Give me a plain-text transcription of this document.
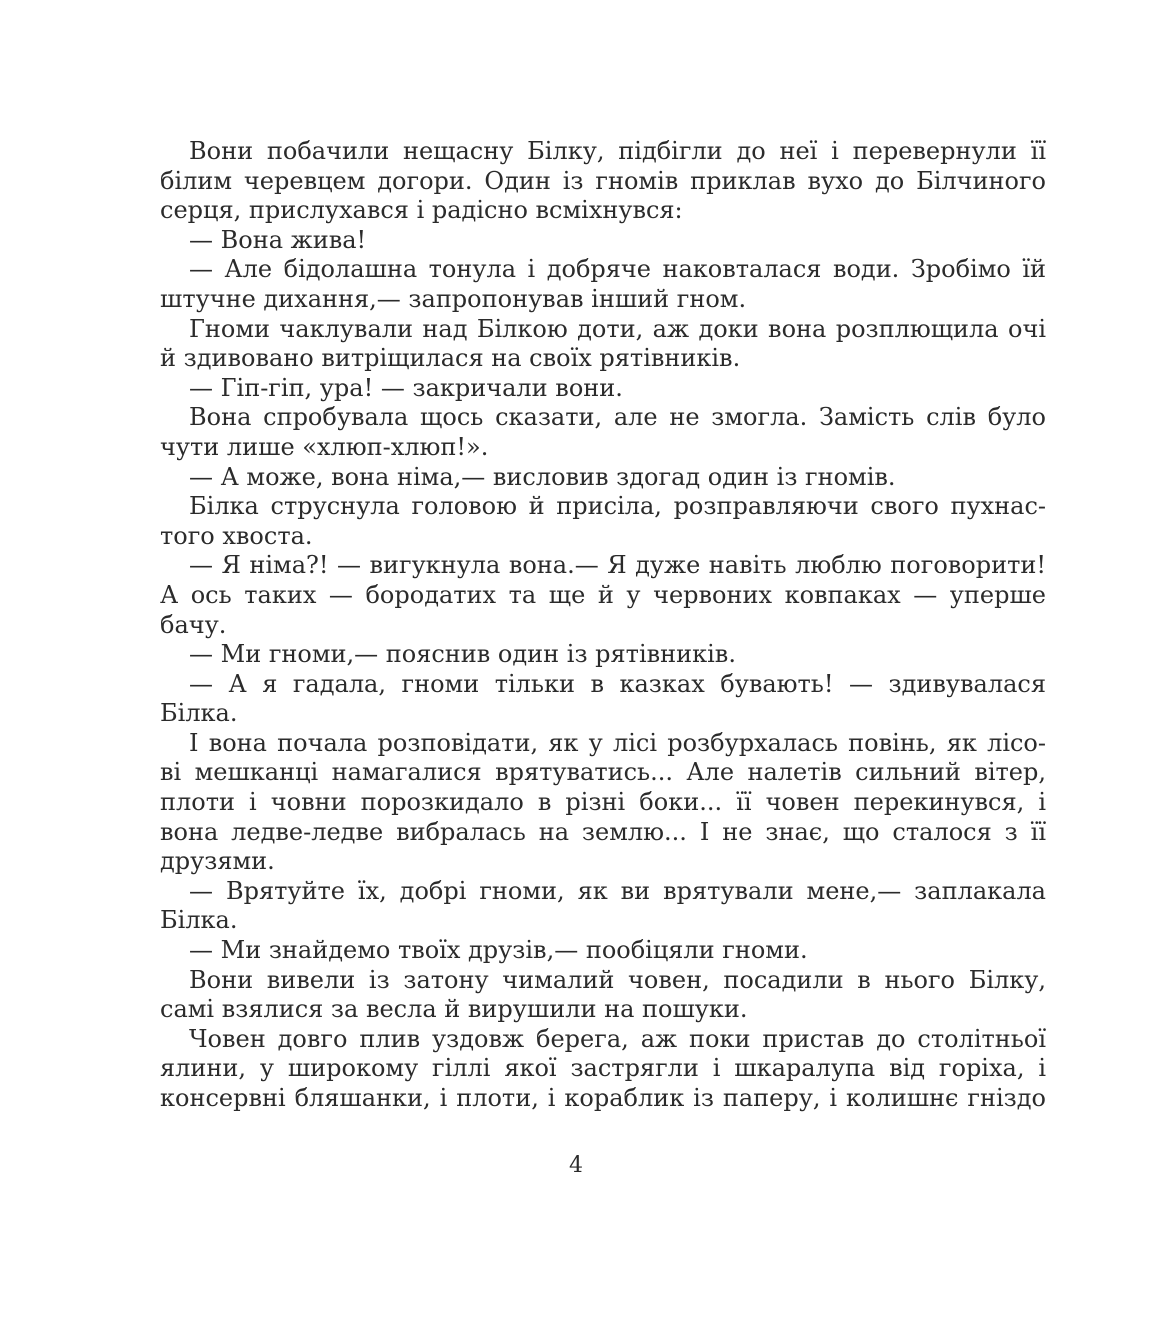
Вони побачили нещасну Білку, підбігли до неї і перевернули її
білим черевцем догори. Один із гномів приклав вухо до Білчиного
серця, прислухався і радісно всміхнувся:
— Вона жива!
— Але бідолашна тонула і добряче наковталася води. Зробімо їй
штучне дихання,— запропонував інший гном.
Гноми чаклували над Білкою доти, аж доки вона розплющила очі
й здивовано витріщилася на своїх рятівників.
— Гіп-гіп, ура! — закричали вони.
Вона спробувала щось сказати, але не змогла. Замість слів було
чути лише «хлюп-хлюп!».
— А може, вона німа,— висловив здогад один із гномів.
Білка струснула головою й присіла, розправляючи свого пухнас-
того хвоста.
— Я німа?! — вигукнула вона.— Я дуже навіть люблю поговорити!
А ось таких — бородатих та ще й у червоних ковпаках — уперше
бачу.
— Ми гноми,— пояснив один із рятівників.
— А я гадала, гноми тільки в казках бувають! — здивувалася
Білка.
І вона почала розповідати, як у лісі розбурхалась повінь, як лісо-
ві мешканці намагалися врятуватись... Але налетів сильний вітер,
плоти і човни порозкидало в різні боки... її човен перекинувся, і
вона ледве-ледве вибралась на землю... І не знає, що сталося з її
друзями.
— Врятуйте їх, добрі гноми, як ви врятували мене,— заплакала
Білка.
— Ми знайдемо твоїх друзів,— пообіцяли гноми.
Вони вивели із затону чималий човен, посадили в нього Білку,
самі взялися за весла й вирушили на пошуки.
Човен довго плив уздовж берега, аж поки пристав до столітньої
ялини, у широкому гіллі якої застрягли і шкаралупа від горіха, і
консервні бляшанки, і плоти, і кораблик із паперу, і колишнє гніздо
4
